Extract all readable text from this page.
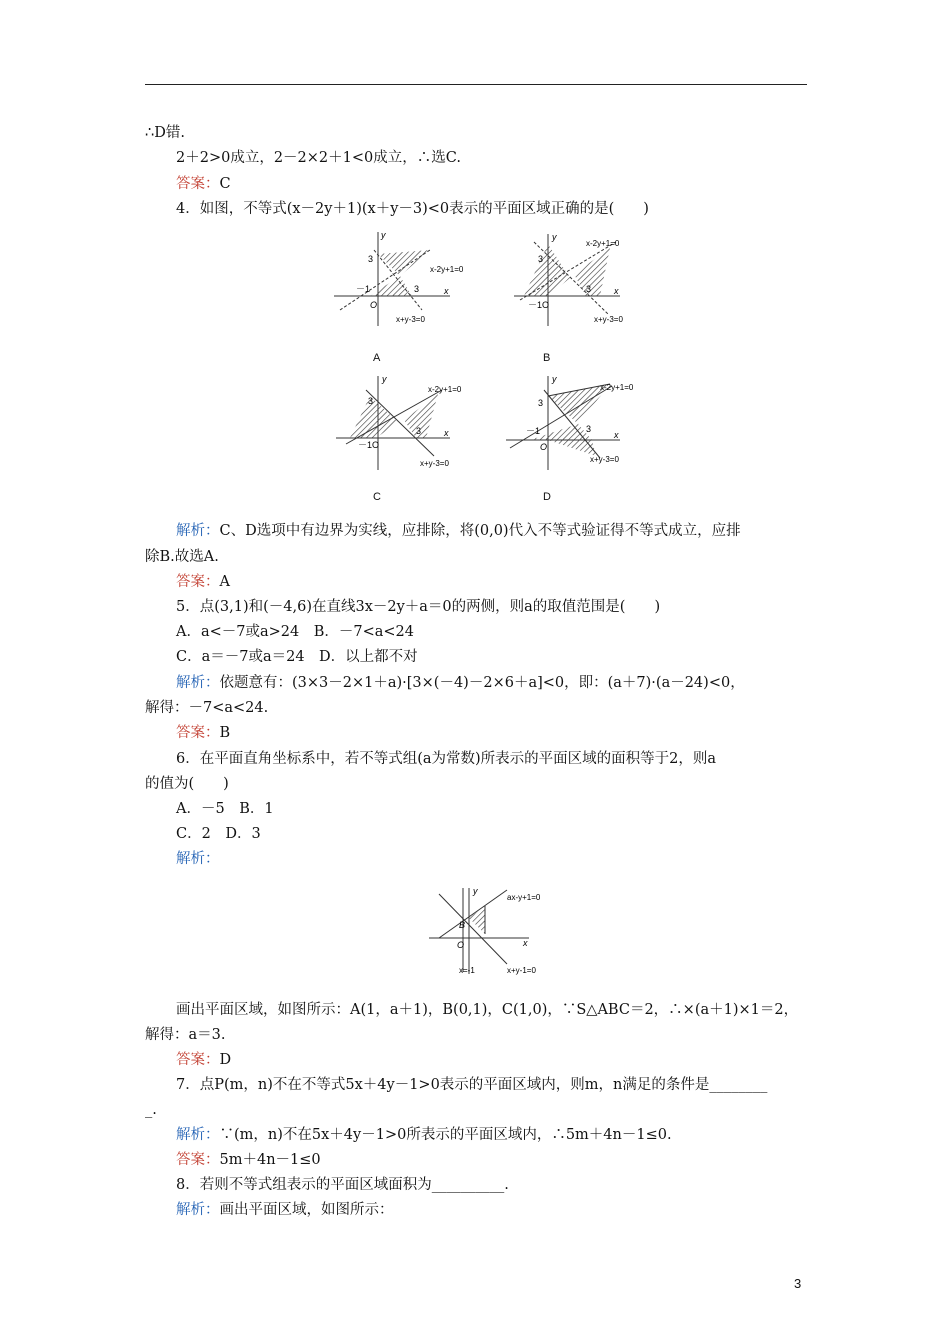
∴D错.
2＋2>0成立，2－2×2＋1<0成立，∴选C.
答案：C
4．如图，不等式(x－2y＋1)(x＋y－3)<0表示的平面区域正确的是(　　)
y
x
3
－1
O
3
x-2y+1=0
x+y-3=0
A
y
x
3
－1O
3
x-2y+1=0
x+y-3=0
B
y
x
3
－1O
3
x-2y+1=0
x+y-3=0
C
y
x
3
－1
O
3
x-2y+1=0
x+y-3=0
D
解析：C、D选项中有边界为实线，应排除，将(0,0)代入不等式验证得不等式成立，应排
除B.故选A.
答案：A
5．点(3,1)和(－4,6)在直线3x－2y＋a＝0的两侧，则a的取值范围是(　　)
A．a<－7或a>24　B．－7<a<24
C．a＝－7或a＝24　D．以上都不对
解析：依题意有：(3×3－2×1＋a)·[3×(－4)－2×6＋a]<0，即：(a＋7)·(a－24)<0，
解得：－7<a<24.
答案：B
6．在平面直角坐标系中，若不等式组(a为常数)所表示的平面区域的面积等于2，则a
的值为(　　)
A．－5　B．1
C．2　D．3
解析：
y
x
O
B
ax-y+1=0
x+y-1=0
x=-1
画出平面区域，如图所示：A(1，a＋1)，B(0,1)，C(1,0)，∵S△ABC＝2，∴×(a＋1)×1＝2，
解得：a＝3.
答案：D
7．点P(m，n)不在不等式5x＋4y－1>0表示的平面区域内，则m，n满足的条件是________
_.
解析：∵(m，n)不在5x＋4y－1>0所表示的平面区域内，∴5m＋4n－1≤0.
答案：5m＋4n－1≤0
8．若则不等式组表示的平面区域面积为__________.
解析：画出平面区域，如图所示：
3
